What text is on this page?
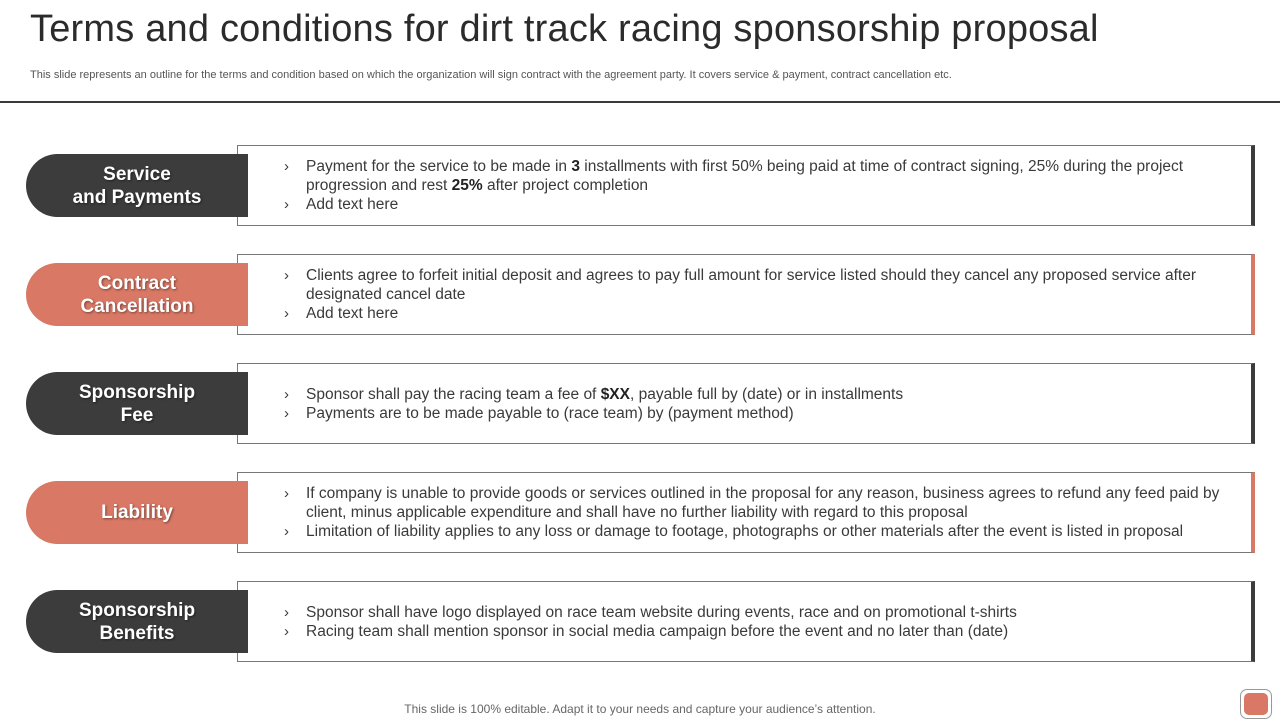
Terms and conditions for dirt track racing sponsorship proposal
This slide represents an outline for the terms and condition based on which the organization will sign contract with the agreement party. It covers service & payment, contract cancellation etc.
› Payment for the service to be made in 3 installments with first 50% being paid at time of contract signing, 25% during the project progression and rest 25% after project completion
› Add text here
Service
and Payments
› Clients agree to forfeit initial deposit and agrees to pay full amount for service listed should they cancel any proposed service after designated cancel date
› Add text here
Contract
Cancellation
› Sponsor shall pay the racing team a fee of $XX, payable full by (date) or in installments
› Payments are to be made payable to (race team) by (payment method)
Sponsorship
Fee
› If company is unable to provide goods or services outlined in the proposal for any reason, business agrees to refund any feed paid by client, minus applicable expenditure and shall have no further liability with regard to this proposal
› Limitation of liability applies to any loss or damage to footage, photographs or other materials after the event is listed in proposal
Liability
› Sponsor shall have logo displayed on race team website during events, race and on promotional t-shirts
› Racing team shall mention sponsor in social media campaign before the event and no later than (date)
Sponsorship
Benefits
This slide is 100% editable. Adapt it to your needs and capture your audience’s attention.
